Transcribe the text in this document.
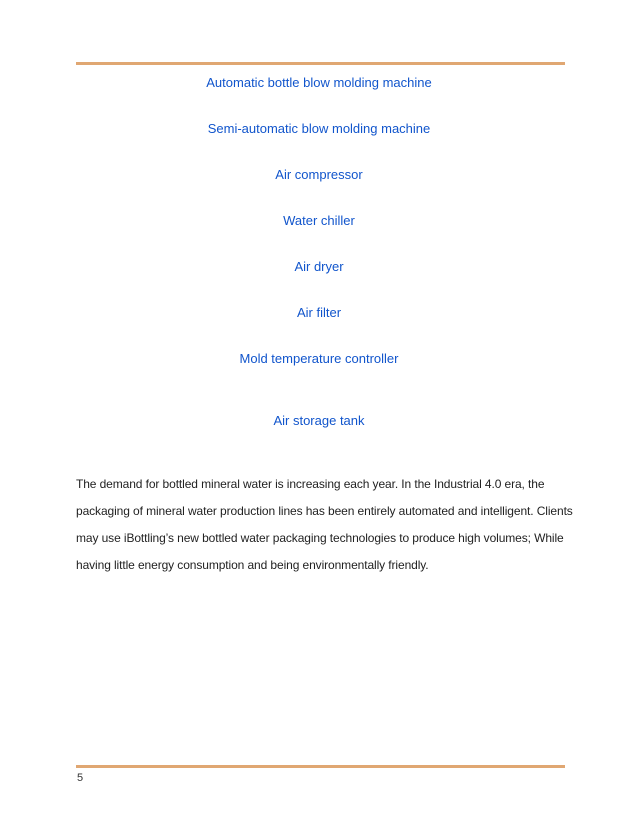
Automatic bottle blow molding machine
Semi-automatic blow molding machine
Air compressor
Water chiller
Air dryer
Air filter
Mold temperature controller
Air storage tank

The demand for bottled mineral water is increasing each year. In the Industrial 4.0 era, the
packaging of mineral water production lines has been entirely automated and intelligent. Clients
may use iBottling’s new bottled water packaging technologies to produce high volumes; While
having little energy consumption and being environmentally friendly.

5
